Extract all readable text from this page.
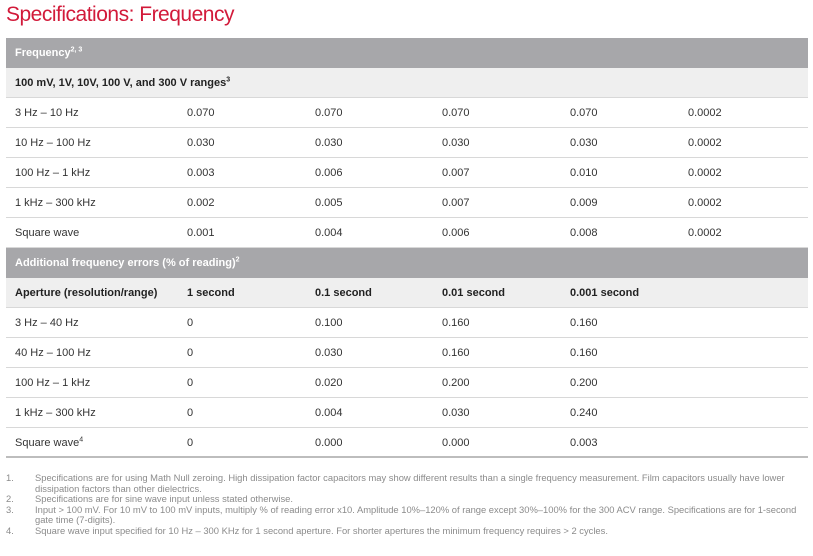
Specifications: Frequency
Frequency$^{2, 3}$
100 mV, 1V, 10V, 100 V, and 300 V ranges$^3$
3 Hz – 10 Hz	0.070	0.070	0.070	0.070	0.0002
10 Hz – 100 Hz	0.030	0.030	0.030	0.030	0.0002
100 Hz – 1 kHz	0.003	0.006	0.007	0.010	0.0002
1 kHz – 300 kHz	0.002	0.005	0.007	0.009	0.0002
Square wave	0.001	0.004	0.006	0.008	0.0002
Additional frequency errors (% of reading)$^2$
Aperture (resolution/range)	1 second	0.1 second	0.01 second	0.001 second
3 Hz – 40 Hz	0	0.100	0.160	0.160
40 Hz – 100 Hz	0	0.030	0.160	0.160
100 Hz – 1 kHz	0	0.020	0.200	0.200
1 kHz – 300 kHz	0	0.004	0.030	0.240
Square wave$^4$	0	0.000	0.000	0.003
1. Specifications are for using Math Null zeroing. High dissipation factor capacitors may show different results than a single frequency measurement. Film capacitors usually have lower dissipation factors than other dielectrics.
2. Specifications are for sine wave input unless stated otherwise.
3. Input > 100 mV. For 10 mV to 100 mV inputs, multiply % of reading error x10. Amplitude 10%–120% of range except 30%–100% for the 300 ACV range. Specifications are for 1-second gate time (7-digits).
4. Square wave input specified for 10 Hz – 300 KHz for 1 second aperture. For shorter apertures the minimum frequency requires > 2 cycles.
